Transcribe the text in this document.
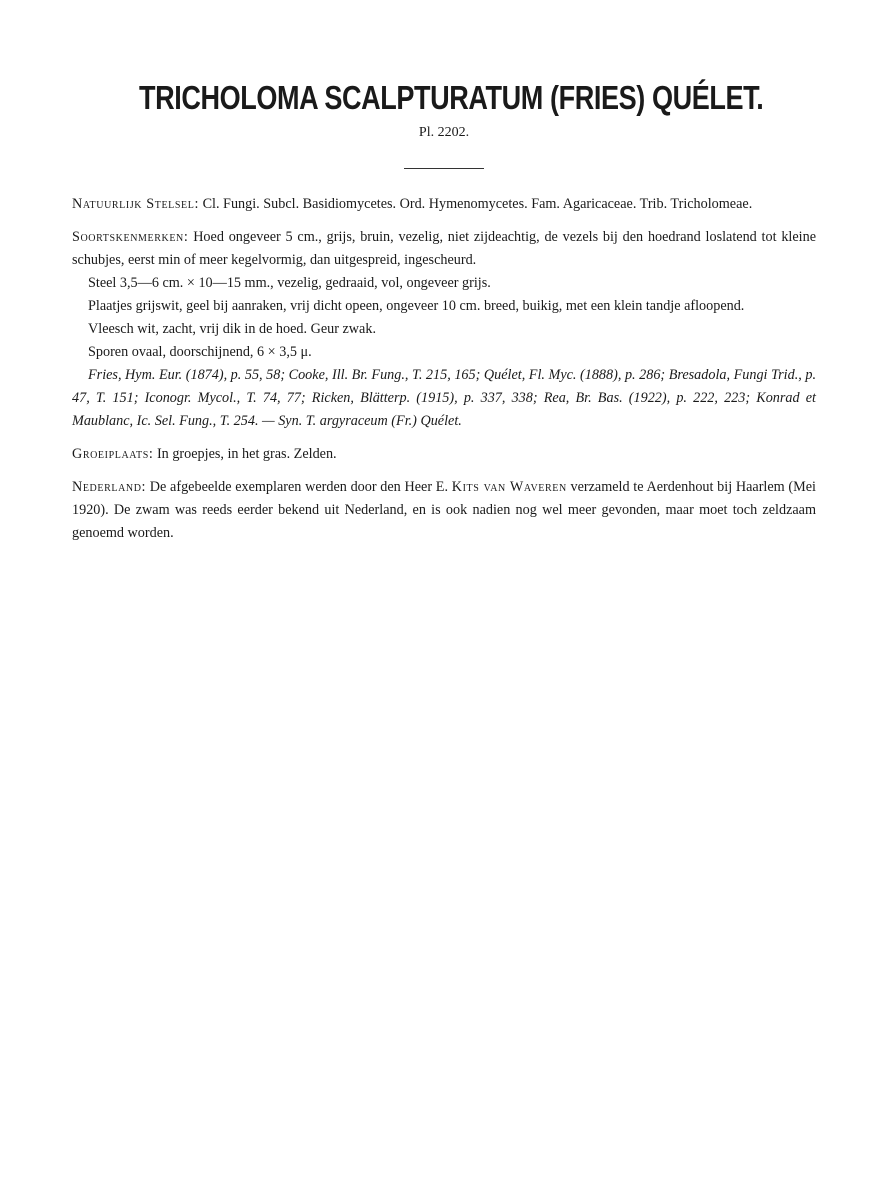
TRICHOLOMA SCALPTURATUM (FRIES) QUÉLET.
Pl. 2202.

Natuurlijk Stelsel: Cl. Fungi. Subcl. Basidiomycetes. Ord. Hymenomycetes. Fam. Agaricaceae. Trib. Tricholomeae.

Soortskenmerken: Hoed ongeveer 5 cm., grijs, bruin, vezelig, niet zijdeachtig, de vezels bij den hoedrand loslatend tot kleine schubjes, eerst min of meer kegelvormig, dan uitgespreid, ingescheurd.

Steel 3,5—6 cm. × 10—15 mm., vezelig, gedraaid, vol, ongeveer grijs.

Plaatjes grijswit, geel bij aanraken, vrij dicht opeen, ongeveer 10 cm. breed, buikig, met een klein tandje afloopend.

Vleesch wit, zacht, vrij dik in de hoed. Geur zwak.

Sporen ovaal, doorschijnend, 6 × 3,5 μ.

Fries, Hym. Eur. (1874), p. 55, 58; Cooke, Ill. Br. Fung., T. 215, 165; Quélet, Fl. Myc. (1888), p. 286; Bresadola, Fungi Trid., p. 47, T. 151; Iconogr. Mycol., T. 74, 77; Ricken, Blätterp. (1915), p. 337, 338; Rea, Br. Bas. (1922), p. 222, 223; Konrad et Maublanc, Ic. Sel. Fung., T. 254. — Syn. T. argyraceum (Fr.) Quélet.

Groeiplaats: In groepjes, in het gras. Zelden.

Nederland: De afgebeelde exemplaren werden door den Heer E. Kits van Waveren verzameld te Aerdenhout bij Haarlem (Mei 1920). De zwam was reeds eerder bekend uit Nederland, en is ook nadien nog wel meer gevonden, maar moet toch zeldzaam genoemd worden.
